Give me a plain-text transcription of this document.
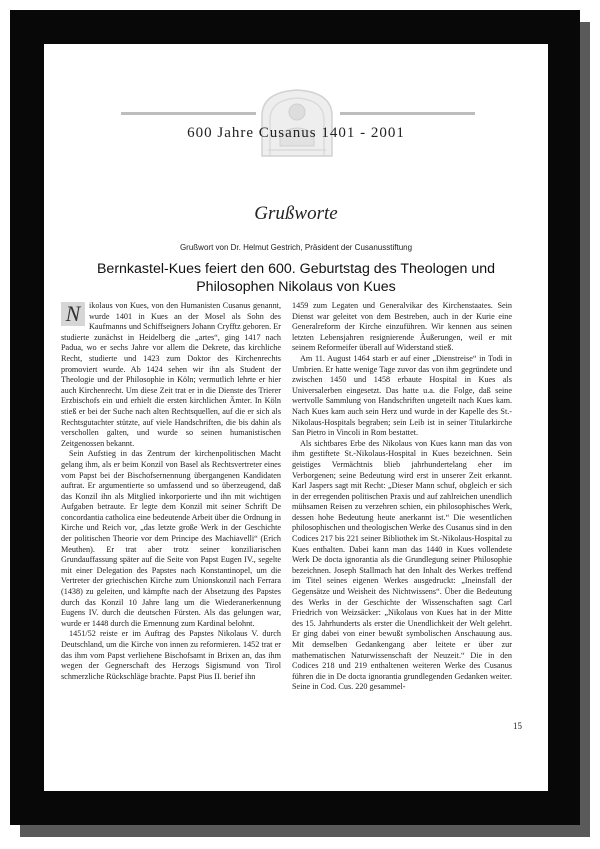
600 Jahre Cusanus 1401 - 2001
Grußworte
Grußwort von Dr. Helmut Gestrich, Präsident der Cusanusstiftung
Bernkastel-Kues feiert den 600. Geburtstag des Theologen und Philosophen Nikolaus von Kues
N	ikolaus von Kues, von den Humanisten Cusanus genannt, wurde 1401 in Kues an der Mosel als Sohn des Kaufmanns und Schiffseigners Johann Cryfftz geboren. Er studierte zunächst in Heidelberg die „artes“, ging 1417 nach Padua, wo er sechs Jahre vor allem die Dekrete, das kirchliche Recht, studierte und 1423 zum Doktor des Kirchenrechts promoviert wurde. Ab 1424 sehen wir ihn als Student der Theologie und der Philosophie in Köln; vermutlich lehrte er hier auch Kirchenrecht. Um diese Zeit trat er in die Dienste des Trierer Erzbischofs ein und erhielt die ersten kirchlichen Ämter. In Köln stieß er bei der Suche nach alten Rechtsquellen, auf die er sich als Rechtsgutachter stützte, auf viele Handschriften, die bis dahin als verschollen galten, und wurde so seinen humanistischen Zeitgenossen bekannt.

Sein Aufstieg in das Zentrum der kirchenpolitischen Macht gelang ihm, als er beim Konzil von Basel als Rechtsvertreter eines vom Papst bei der Bischofsernennung übergangenen Kandidaten auftrat. Er argumentierte so umfassend und so überzeugend, daß das Konzil ihn als Mitglied inkorporierte und ihn mit wichtigen Aufgaben betraute. Er legte dem Konzil mit seiner Schrift De concordantia catholica eine bedeutende Arbeit über die Ordnung in Kirche und Reich vor, „das letzte große Werk in der Geschichte der politischen Theorie vor dem Principe des Machiavelli“ (Erich Meuthen). Er trat aber trotz seiner konziliarischen Grundauffassung später auf die Seite von Papst Eugen IV., segelte mit einer Delegation des Papstes nach Konstantinopel, um die Vertreter der griechischen Kirche zum Unionskonzil nach Ferrara (1438) zu geleiten, und kämpfte nach der Absetzung des Papstes durch das Konzil 10 Jahre lang um die Wiederanerkennung Eugens IV. durch die deutschen Fürsten. Als das gelungen war, wurde er 1448 durch die Ernennung zum Kardinal belohnt.

1451/52 reiste er im Auftrag des Papstes Nikolaus V. durch Deutschland, um die Kirche von innen zu reformieren. 1452 trat er das ihm vom Papst verliehene Bischofsamt in Brixen an, das ihm wegen der Gegnerschaft des Herzogs Sigismund von Tirol schmerzliche Rückschläge brachte. Papst Pius II. berief ihn

1459 zum Legaten und Generalvikar des Kirchenstaates. Sein Dienst war geleitet von dem Bestreben, auch in der Kurie eine Generalreform der Kirche einzuführen. Wir kennen aus seinen letzten Lebensjahren resignierende Äußerungen, weil er mit seinem Reformeifer überall auf Widerstand stieß.

Am 11. August 1464 starb er auf einer „Dienstreise“ in Todi in Umbrien. Er hatte wenige Tage zuvor das von ihm gegründete und zwischen 1450 und 1458 erbaute Hospital in Kues als Universalerben eingesetzt. Das hatte u.a. die Folge, daß seine wertvolle Sammlung von Handschriften ungeteilt nach Kues kam. Nach Kues kam auch sein Herz und wurde in der Kapelle des St.-Nikolaus-Hospitals begraben; sein Leib ist in seiner Titularkirche San Pietro in Vincoli in Rom bestattet.

Als sichtbares Erbe des Nikolaus von Kues kann man das von ihm gestiftete St.-Nikolaus-Hospital in Kues bezeichnen. Sein geistiges Vermächtnis blieb jahrhundertelang eher im Verborgenen; seine Bedeutung wird erst in unserer Zeit erkannt. Karl Jaspers sagt mit Recht: „Dieser Mann schuf, obgleich er sich in der erregenden politischen Praxis und auf zahlreichen unendlich mühsamen Reisen zu verzehren schien, ein philosophisches Werk, dessen hohe Bedeutung heute anerkannt ist.“ Die wesentlichen philosophischen und theologischen Werke des Cusanus sind in den Codices 217 bis 221 seiner Bibliothek im St.-Nikolaus-Hospital zu Kues enthalten. Dabei kann man das 1440 in Kues vollendete Werk De docta ignorantia als die Grundlegung seiner Philosophie bezeichnen. Joseph Stallmach hat den Inhalt des Werkes treffend im Titel seines eigenen Werkes ausgedruckt: „Ineinsfall der Gegensätze und Weisheit des Nichtwissens“. Über die Bedeutung des Werks in der Geschichte der Wissenschaften sagt Carl Friedrich von Weizsäcker: „Nikolaus von Kues hat in der Mitte des 15. Jahrhunderts als erster die Unendlichkeit der Welt gelehrt. Er ging dabei von einer bewußt symbolischen Anschauung aus. Mit demselben Gedankengang aber leitete er über zur mathematischen Naturwissenschaft der Neuzeit.“ Die in den Codices 218 und 219 enthaltenen weiteren Werke des Cusanus führen die in De docta ignorantia grundlegenden Gedanken weiter. Seine in Cod. Cus. 220 gesammel-

15
